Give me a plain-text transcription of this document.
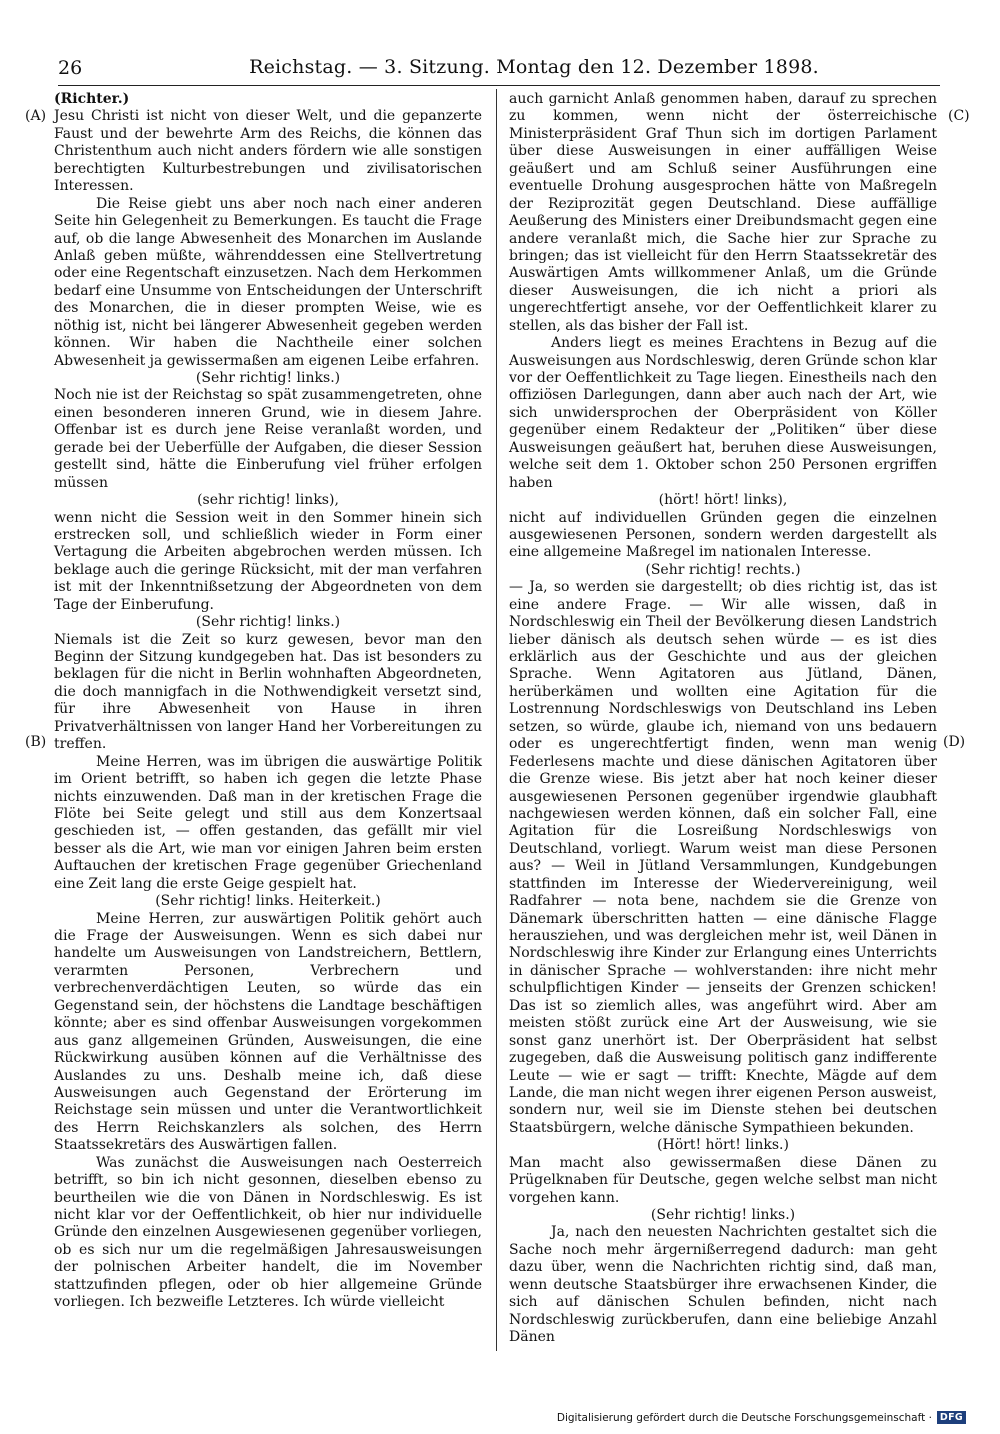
26	Reichstag. — 3. Sitzung. Montag den 12. Dezember 1898.
(A)
(B)
(C)
(D)

(Richter.)

Jesu Christi ist nicht von dieser Welt, und die gepanzerte Faust und der bewehrte Arm des Reichs, die können das Christenthum auch nicht anders fördern wie alle sonstigen berechtigten Kulturbestrebungen und zivilisatorischen Interessen.

Die Reise giebt uns aber noch nach einer anderen Seite hin Gelegenheit zu Bemerkungen. Es taucht die Frage auf, ob die lange Abwesenheit des Monarchen im Auslande Anlaß geben müßte, währenddessen eine Stellvertretung oder eine Regentschaft einzusetzen. Nach dem Herkommen bedarf eine Unsumme von Entscheidungen der Unterschrift des Monarchen, die in dieser prompten Weise, wie es nöthig ist, nicht bei längerer Abwesenheit gegeben werden können. Wir haben die Nachtheile einer solchen Abwesenheit ja gewissermaßen am eigenen Leibe erfahren.

(Sehr richtig! links.)

Noch nie ist der Reichstag so spät zusammengetreten, ohne einen besonderen inneren Grund, wie in diesem Jahre. Offenbar ist es durch jene Reise veranlaßt worden, und gerade bei der Ueberfülle der Aufgaben, die dieser Session gestellt sind, hätte die Einberufung viel früher erfolgen müssen

(sehr richtig! links),

wenn nicht die Session weit in den Sommer hinein sich erstrecken soll, und schließlich wieder in Form einer Vertagung die Arbeiten abgebrochen werden müssen. Ich beklage auch die geringe Rücksicht, mit der man verfahren ist mit der Inkenntnißsetzung der Abgeordneten von dem Tage der Einberufung.

(Sehr richtig! links.)

Niemals ist die Zeit so kurz gewesen, bevor man den Beginn der Sitzung kundgegeben hat. Das ist besonders zu beklagen für die nicht in Berlin wohnhaften Abgeordneten, die doch mannigfach in die Nothwendigkeit versetzt sind, für ihre Abwesenheit von Hause in ihren Privatverhältnissen von langer Hand her Vorbereitungen zu treffen.

Meine Herren, was im übrigen die auswärtige Politik im Orient betrifft, so haben ich gegen die letzte Phase nichts einzuwenden. Daß man in der kretischen Frage die Flöte bei Seite gelegt und still aus dem Konzertsaal geschieden ist, — offen gestanden, das gefällt mir viel besser als die Art, wie man vor einigen Jahren beim ersten Auftauchen der kretischen Frage gegenüber Griechenland eine Zeit lang die erste Geige gespielt hat.

(Sehr richtig! links. Heiterkeit.)

Meine Herren, zur auswärtigen Politik gehört auch die Frage der Ausweisungen. Wenn es sich dabei nur handelte um Ausweisungen von Landstreichern, Bettlern, verarmten Personen, Verbrechern und verbrechenverdächtigen Leuten, so würde das ein Gegenstand sein, der höchstens die Landtage beschäftigen könnte; aber es sind offenbar Ausweisungen vorgekommen aus ganz allgemeinen Gründen, Ausweisungen, die eine Rückwirkung ausüben können auf die Verhältnisse des Auslandes zu uns. Deshalb meine ich, daß diese Ausweisungen auch Gegenstand der Erörterung im Reichstage sein müssen und unter die Verantwortlichkeit des Herrn Reichskanzlers als solchen, des Herrn Staatssekretärs des Auswärtigen fallen.

Was zunächst die Ausweisungen nach Oesterreich betrifft, so bin ich nicht gesonnen, dieselben ebenso zu beurtheilen wie die von Dänen in Nordschleswig. Es ist nicht klar vor der Oeffentlichkeit, ob hier nur individuelle Gründe den einzelnen Ausgewiesenen gegenüber vorliegen, ob es sich nur um die regelmäßigen Jahresausweisungen der polnischen Arbeiter handelt, die im November stattzufinden pflegen, oder ob hier allgemeine Gründe vorliegen. Ich bezweifle Letzteres. Ich würde vielleicht

auch garnicht Anlaß genommen haben, darauf zu sprechen zu kommen, wenn nicht der österreichische Ministerpräsident Graf Thun sich im dortigen Parlament über diese Ausweisungen in einer auffälligen Weise geäußert und am Schluß seiner Ausführungen eine eventuelle Drohung ausgesprochen hätte von Maßregeln der Reziprozität gegen Deutschland. Diese auffällige Aeußerung des Ministers einer Dreibundsmacht gegen eine andere veranlaßt mich, die Sache hier zur Sprache zu bringen; das ist vielleicht für den Herrn Staatssekretär des Auswärtigen Amts willkommener Anlaß, um die Gründe dieser Ausweisungen, die ich nicht a priori als ungerechtfertigt ansehe, vor der Oeffentlichkeit klarer zu stellen, als das bisher der Fall ist.

Anders liegt es meines Erachtens in Bezug auf die Ausweisungen aus Nordschleswig, deren Gründe schon klar vor der Oeffentlichkeit zu Tage liegen. Einestheils nach den offiziösen Darlegungen, dann aber auch nach der Art, wie sich unwidersprochen der Oberpräsident von Köller gegenüber einem Redakteur der „Politiken“ über diese Ausweisungen geäußert hat, beruhen diese Ausweisungen, welche seit dem 1. Oktober schon 250 Personen ergriffen haben

(hört! hört! links),

nicht auf individuellen Gründen gegen die einzelnen ausgewiesenen Personen, sondern werden dargestellt als eine allgemeine Maßregel im nationalen Interesse.

(Sehr richtig! rechts.)

— Ja, so werden sie dargestellt; ob dies richtig ist, das ist eine andere Frage. — Wir alle wissen, daß in Nordschleswig ein Theil der Bevölkerung diesen Landstrich lieber dänisch als deutsch sehen würde — es ist dies erklärlich aus der Geschichte und aus der gleichen Sprache. Wenn Agitatoren aus Jütland, Dänen, herüberkämen und wollten eine Agitation für die Lostrennung Nordschleswigs von Deutschland ins Leben setzen, so würde, glaube ich, niemand von uns bedauern oder es ungerechtfertigt finden, wenn man wenig Federlesens machte und diese dänischen Agitatoren über die Grenze wiese. Bis jetzt aber hat noch keiner dieser ausgewiesenen Personen gegenüber irgendwie glaubhaft nachgewiesen werden können, daß ein solcher Fall, eine Agitation für die Losreißung Nordschleswigs von Deutschland, vorliegt. Warum weist man diese Personen aus? — Weil in Jütland Versammlungen, Kundgebungen stattfinden im Interesse der Wiedervereinigung, weil Radfahrer — nota bene, nachdem sie die Grenze von Dänemark überschritten hatten — eine dänische Flagge herausziehen, und was dergleichen mehr ist, weil Dänen in Nordschleswig ihre Kinder zur Erlangung eines Unterrichts in dänischer Sprache — wohlverstanden: ihre nicht mehr schulpflichtigen Kinder — jenseits der Grenzen schicken! Das ist so ziemlich alles, was angeführt wird. Aber am meisten stößt zurück eine Art der Ausweisung, wie sie sonst ganz unerhört ist. Der Oberpräsident hat selbst zugegeben, daß die Ausweisung politisch ganz indifferente Leute — wie er sagt — trifft: Knechte, Mägde auf dem Lande, die man nicht wegen ihrer eigenen Person ausweist, sondern nur, weil sie im Dienste stehen bei deutschen Staatsbürgern, welche dänische Sympathieen bekunden.

(Hört! hört! links.)

Man macht also gewissermaßen diese Dänen zu Prügelknaben für Deutsche, gegen welche selbst man nicht vorgehen kann.

(Sehr richtig! links.)

Ja, nach den neuesten Nachrichten gestaltet sich die Sache noch mehr ärgernißerregend dadurch: man geht dazu über, wenn die Nachrichten richtig sind, daß man, wenn deutsche Staatsbürger ihre erwachsenen Kinder, die sich auf dänischen Schulen befinden, nicht nach Nordschleswig zurückberufen, dann eine beliebige Anzahl Dänen

Digitalisierung gefördert durch die Deutsche Forschungsgemeinschaft · DFG
